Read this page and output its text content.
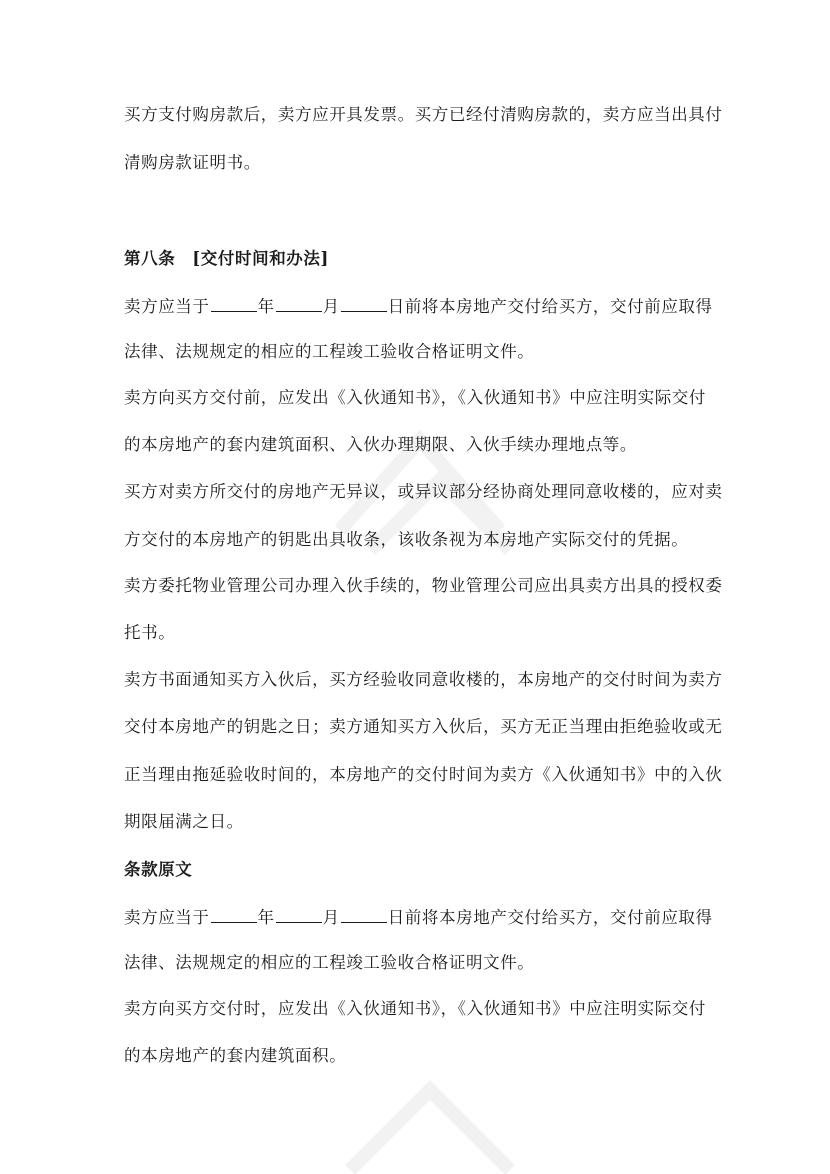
买方支付购房款后，卖方应开具发票。买方已经付清购房款的，卖方应当出具付
清购房款证明书。
第八条　[交付时间和办法]
卖方应当于	年	月	日前将本房地产交付给买方，交付前应取得
法律、法规规定的相应的工程竣工验收合格证明文件。
卖方向买方交付前，应发出《入伙通知书》，《入伙通知书》中应注明实际交付
的本房地产的套内建筑面积、入伙办理期限、入伙手续办理地点等。
买方对卖方所交付的房地产无异议，或异议部分经协商处理同意收楼的，应对卖
方交付的本房地产的钥匙出具收条，该收条视为本房地产实际交付的凭据。
卖方委托物业管理公司办理入伙手续的，物业管理公司应出具卖方出具的授权委
托书。
卖方书面通知买方入伙后，买方经验收同意收楼的，本房地产的交付时间为卖方
交付本房地产的钥匙之日；卖方通知买方入伙后，买方无正当理由拒绝验收或无
正当理由拖延验收时间的，本房地产的交付时间为卖方《入伙通知书》中的入伙
期限届满之日。
条款原文
卖方应当于	年	月	日前将本房地产交付给买方，交付前应取得
法律、法规规定的相应的工程竣工验收合格证明文件。
卖方向买方交付时，应发出《入伙通知书》，《入伙通知书》中应注明实际交付
的本房地产的套内建筑面积。
